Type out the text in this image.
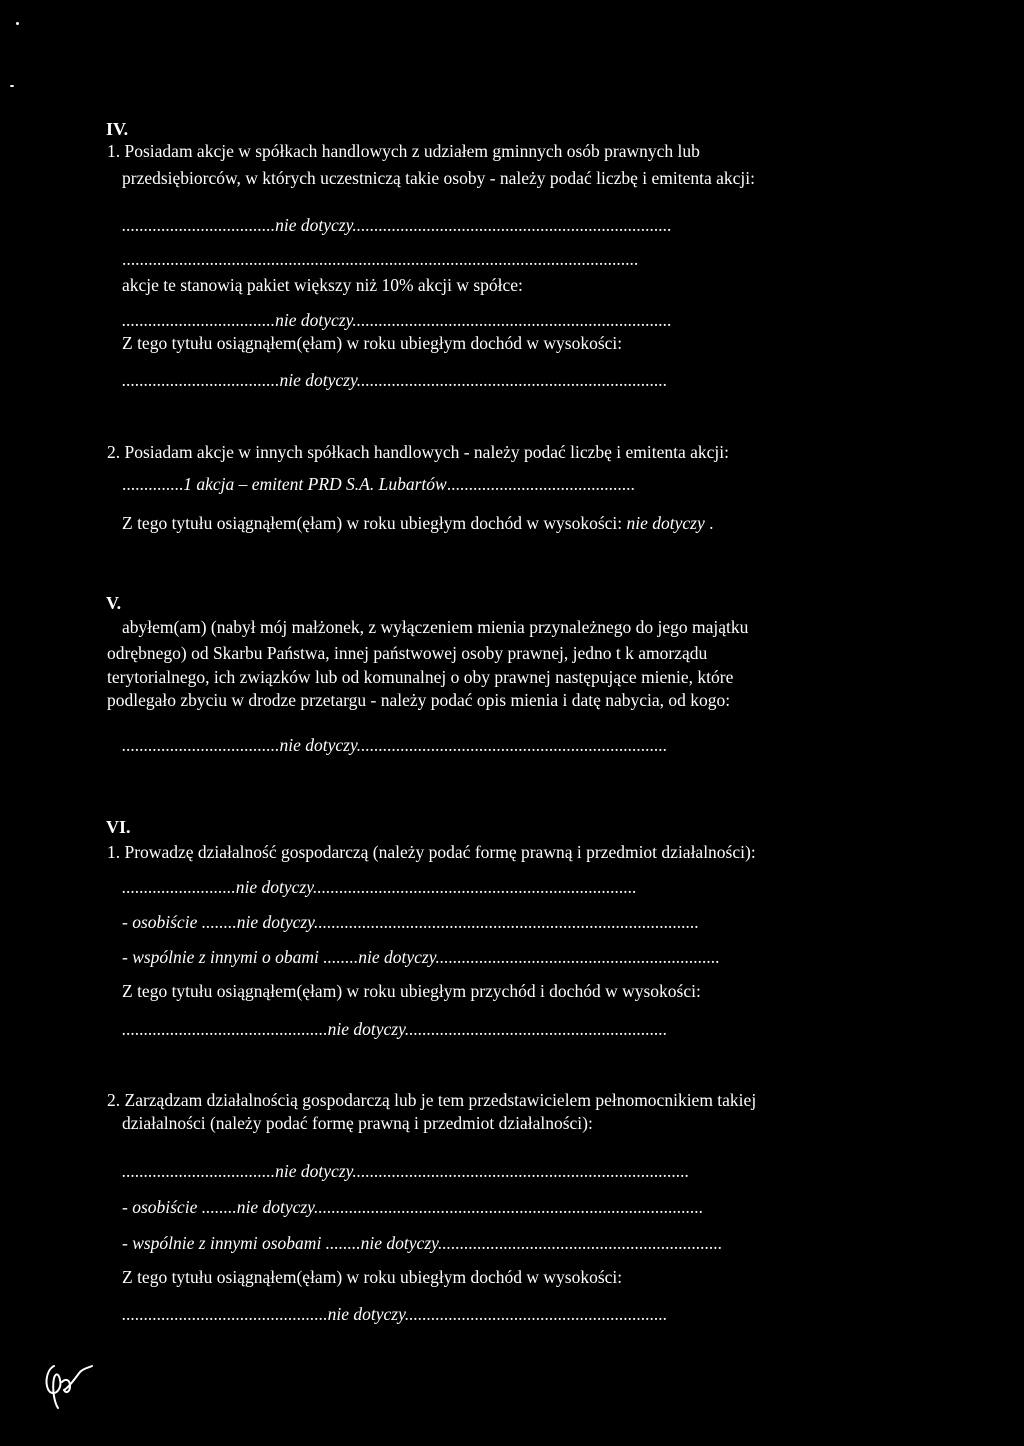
IV.
1. Posiadam akcje w spółkach handlowych z udziałem gminnych osób prawnych lub
przedsiębiorców, w których uczestniczą takie osoby - należy podać liczbę i emitenta akcji:
...................................nie dotyczy.........................................................................
......................................................................................................................
akcje te stanowią pakiet większy niż 10% akcji w spółce:
...................................nie dotyczy.........................................................................
Z tego tytułu osiągnąłem(ęłam) w roku ubiegłym dochód w wysokości:
....................................nie dotyczy.......................................................................
2. Posiadam akcje w innych spółkach handlowych - należy podać liczbę i emitenta akcji:
..............1 akcja – emitent PRD S.A. Lubartów...........................................
Z tego tytułu osiągnąłem(ęłam) w roku ubiegłym dochód w wysokości: nie dotyczy .
V.
abyłem(am) (nabył mój małżonek, z wyłączeniem mienia przynależnego do jego majątku
odrębnego) od Skarbu Państwa, innej państwowej osoby prawnej, jedno t k amorządu
terytorialnego, ich związków lub od komunalnej o oby prawnej następujące mienie, które
podlegało zbyciu w drodze przetargu - należy podać opis mienia i datę nabycia, od kogo:
....................................nie dotyczy.......................................................................
VI.
1. Prowadzę działalność gospodarczą (należy podać formę prawną i przedmiot działalności):
..........................nie dotyczy..........................................................................
- osobiście ........nie dotyczy........................................................................................
- wspólnie z innymi o obami ........nie dotyczy.................................................................
Z tego tytułu osiągnąłem(ęłam) w roku ubiegłym przychód i dochód w wysokości:
...............................................nie dotyczy............................................................
2. Zarządzam działalnością gospodarczą lub je tem przedstawicielem pełnomocnikiem takiej
działalności (należy podać formę prawną i przedmiot działalności):
...................................nie dotyczy.............................................................................
- osobiście ........nie dotyczy.........................................................................................
- wspólnie z innymi osobami ........nie dotyczy.................................................................
Z tego tytułu osiągnąłem(ęłam) w roku ubiegłym dochód w wysokości:
...............................................nie dotyczy............................................................
